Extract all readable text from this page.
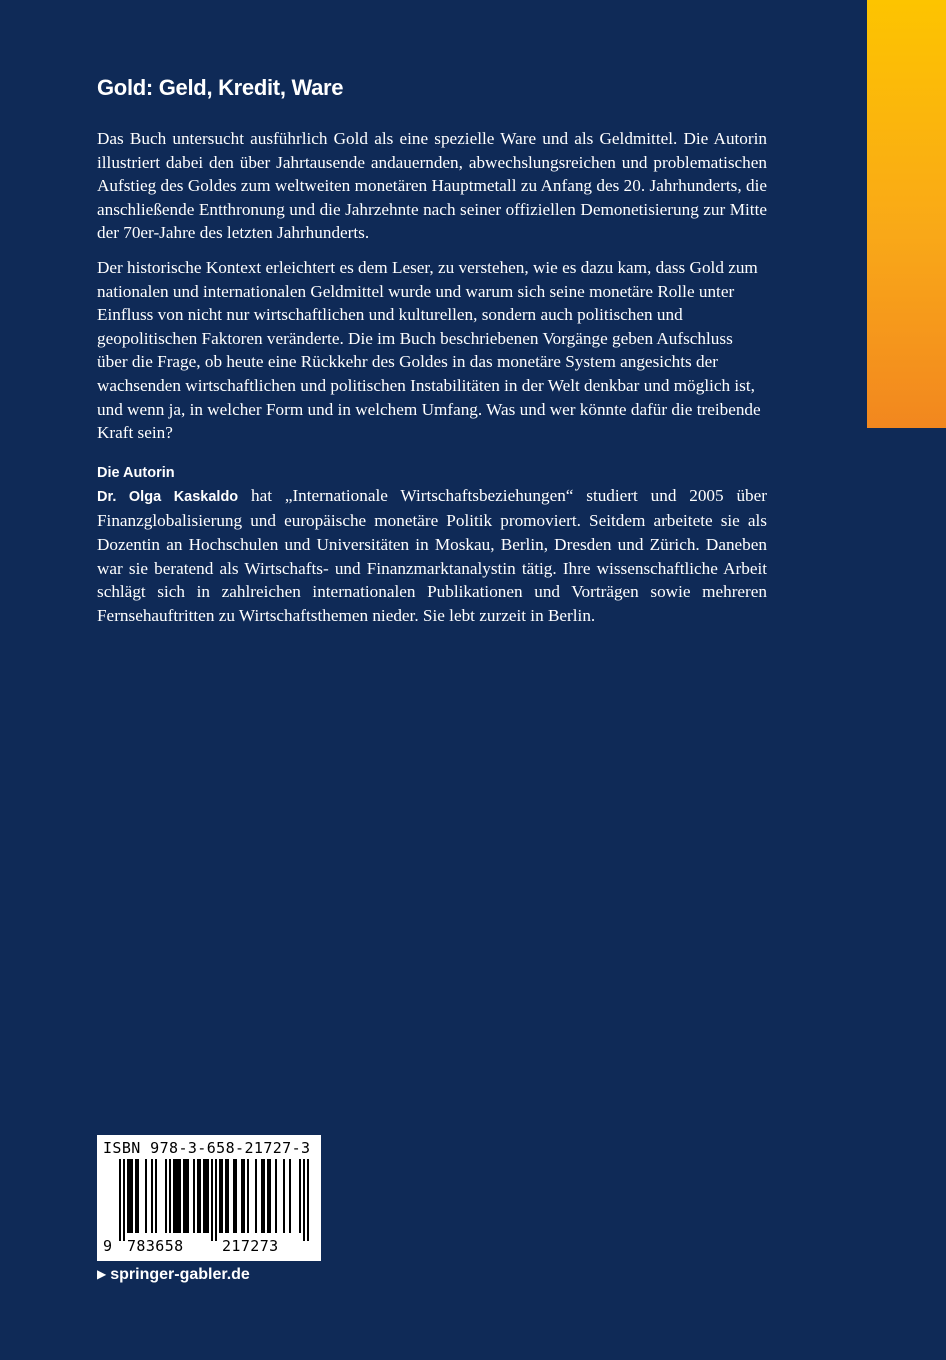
Gold: Geld, Kredit, Ware

Das Buch untersucht ausführlich Gold als eine spezielle Ware und als Geldmittel. Die Autorin illustriert dabei den über Jahrtausende andauernden, abwechslungsreichen und problematischen Aufstieg des Goldes zum weltweiten monetären Hauptmetall zu Anfang des 20. Jahrhunderts, die anschließende Entthronung und die Jahrzehnte nach seiner offiziellen Demonetisierung zur Mitte der 70er-Jahre des letzten Jahrhunderts.

Der historische Kontext erleichtert es dem Leser, zu verstehen, wie es dazu kam, dass Gold zum nationalen und internationalen Geldmittel wurde und warum sich seine monetäre Rolle unter Einfluss von nicht nur wirtschaftlichen und kulturellen, sondern auch politischen und geopolitischen Faktoren veränderte. Die im Buch beschriebenen Vorgänge geben Aufschluss über die Frage, ob heute eine Rückkehr des Goldes in das monetäre System angesichts der wachsenden wirtschaftlichen und politischen Instabilitäten in der Welt denkbar und möglich ist, und wenn ja, in welcher Form und in welchem Umfang. Was und wer könnte dafür die treibende Kraft sein?

Die Autorin
Dr. Olga Kaskaldo hat „Internationale Wirtschaftsbeziehungen“ studiert und 2005 über Finanzglobalisierung und europäische monetäre Politik promoviert. Seitdem arbeitete sie als Dozentin an Hochschulen und Universitäten in Moskau, Berlin, Dresden und Zürich. Daneben war sie beratend als Wirtschafts- und Finanzmarktanalystin tätig. Ihre wissenschaftliche Arbeit schlägt sich in zahlreichen internationalen Publikationen und Vorträgen sowie mehreren Fernsehauftritten zu Wirtschaftsthemen nieder. Sie lebt zurzeit in Berlin.
ISBN 978-3-658-21727-3
9 783658	217273
▶ springer-gabler.de
